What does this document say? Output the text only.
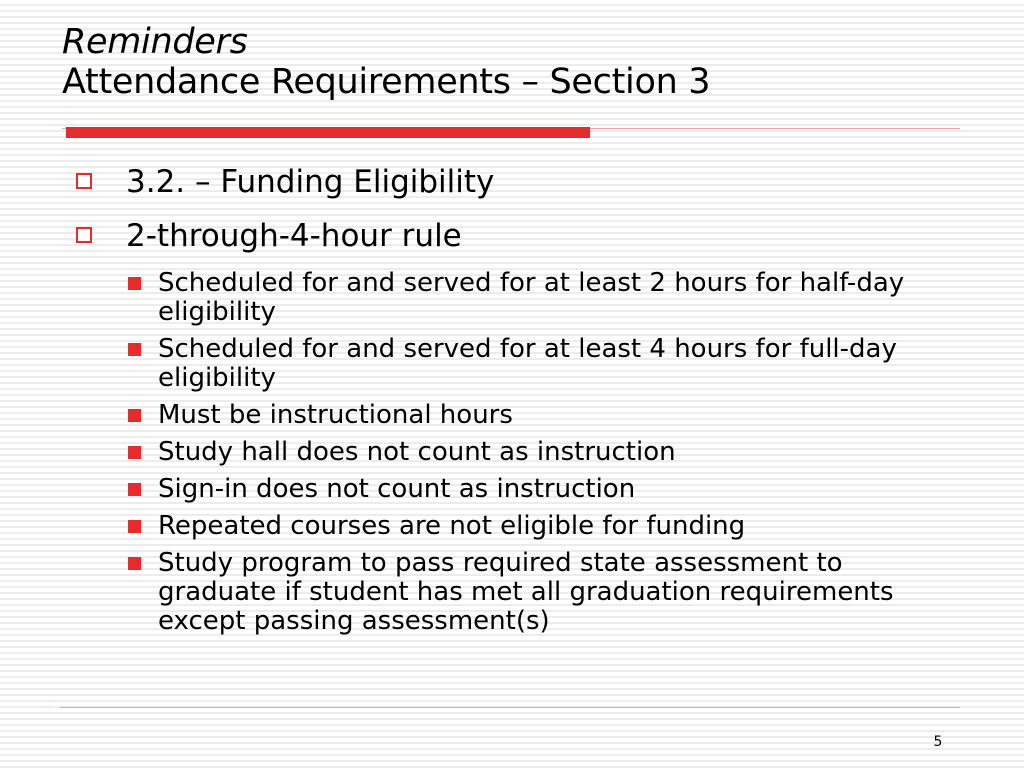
Reminders
Attendance Requirements – Section 3
3.2. – Funding Eligibility
2-through-4-hour rule
Scheduled for and served for at least 2 hours for half-day eligibility
Scheduled for and served for at least 4 hours for full-day eligibility
Must be instructional hours
Study hall does not count as instruction
Sign-in does not count as instruction
Repeated courses are not eligible for funding
Study program to pass required state assessment to graduate if student has met all graduation requirements except passing assessment(s)
5
